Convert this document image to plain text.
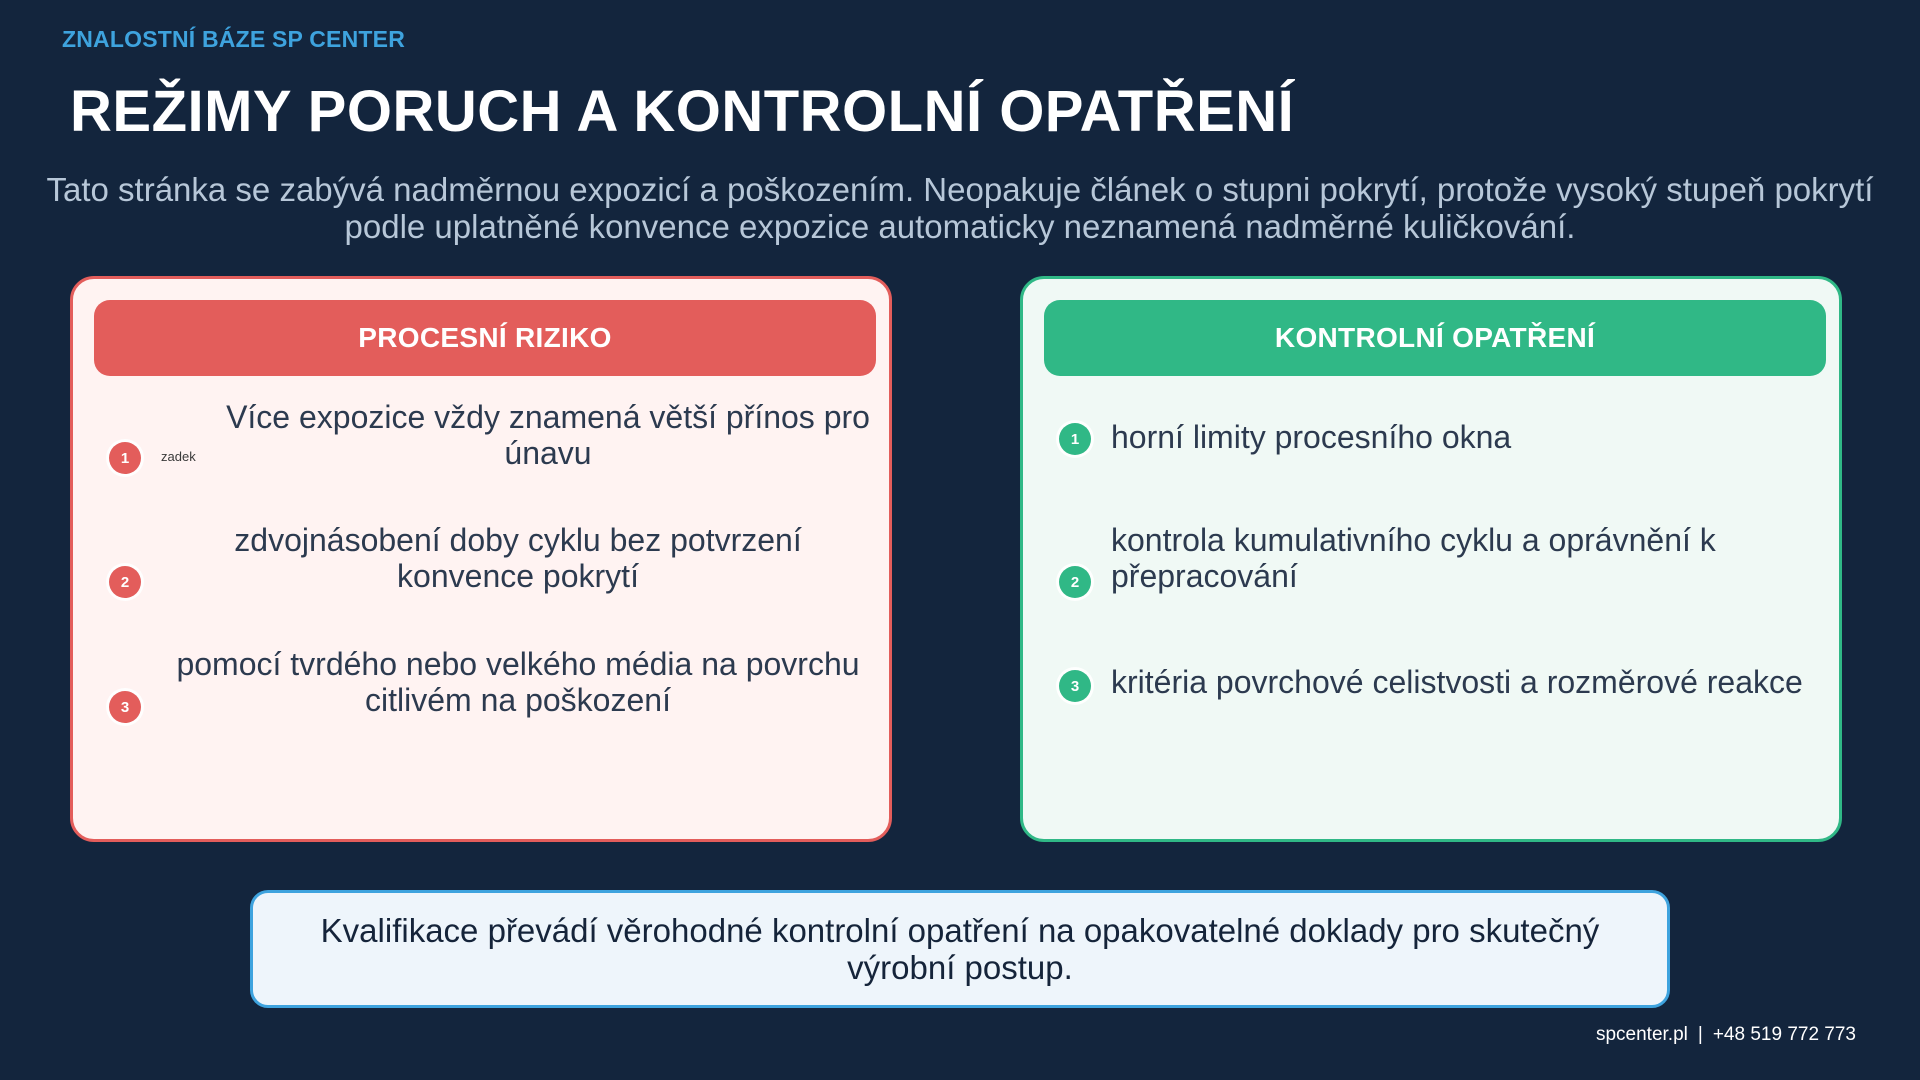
ZNALOSTNÍ BÁZE SP CENTER
REŽIMY PORUCH A KONTROLNÍ OPATŘENÍ
Tato stránka se zabývá nadměrnou expozicí a poškozením. Neopakuje článek o stupni pokrytí, protože vysoký stupeň pokrytí podle uplatněné konvence expozice automaticky neznamená nadměrné kuličkování.
PROCESNÍ RIZIKO
1	zadek
Více expozice vždy znamená větší přínos pro únavu
2
zdvojnásobení doby cyklu bez potvrzení konvence pokrytí
3
pomocí tvrdého nebo velkého média na povrchu citlivém na poškození
KONTROLNÍ OPATŘENÍ
1 horní limity procesního okna
2
kontrola kumulativního cyklu a oprávnění k přepracování
3 kritéria povrchové celistvosti a rozměrové reakce
Kvalifikace převádí věrohodné kontrolní opatření na opakovatelné doklady pro skutečný výrobní postup.
spcenter.pl | +48 519 772 773
